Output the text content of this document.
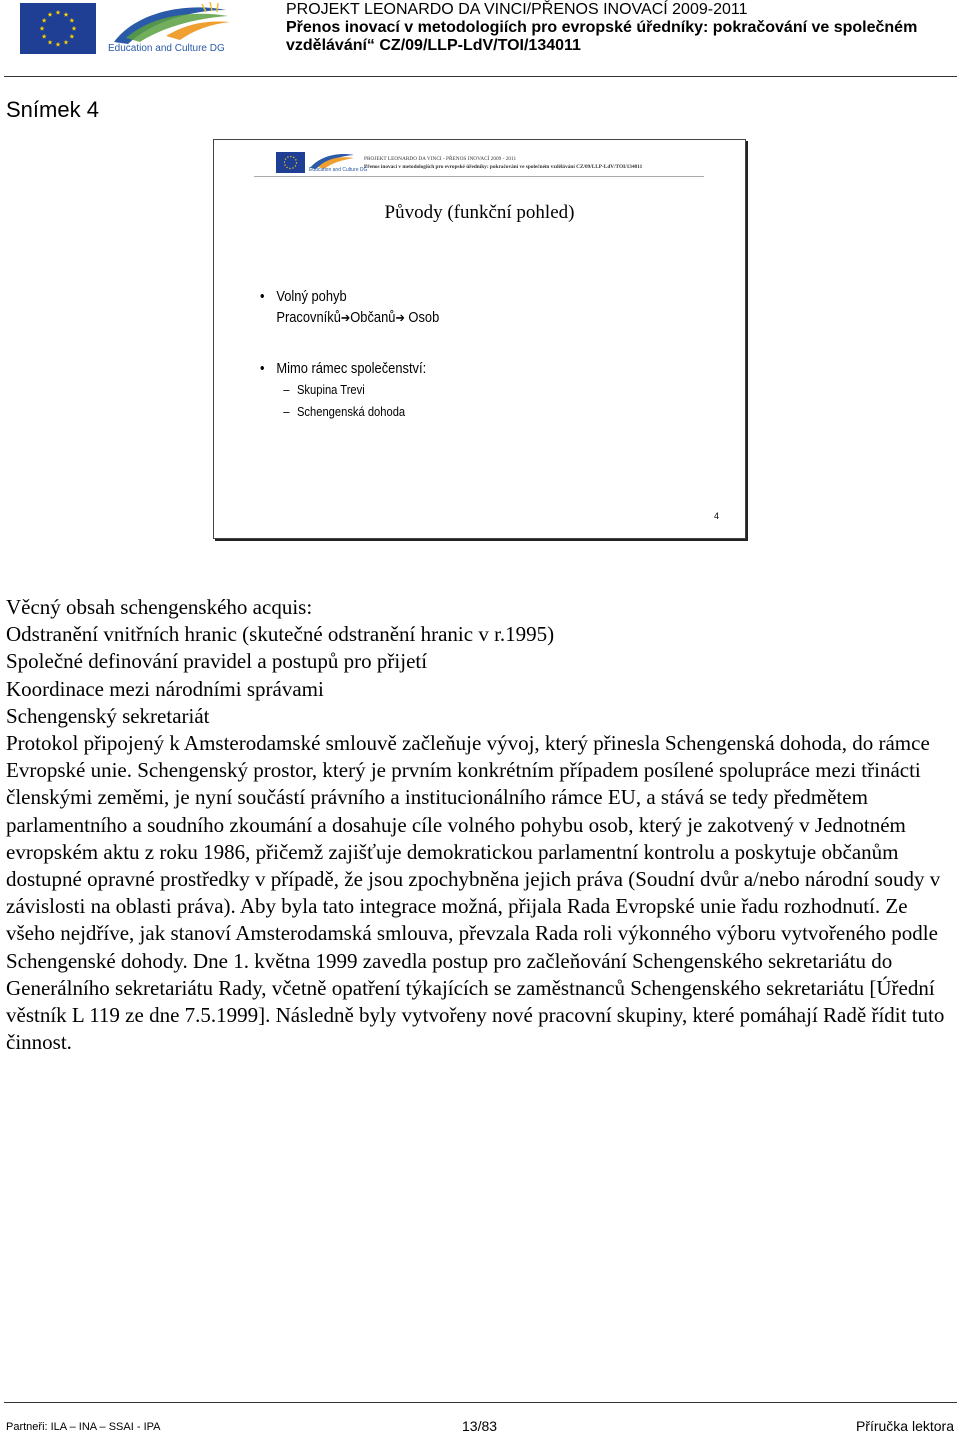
Education and Culture DG
PROJEKT LEONARDO DA VINCI/PŘENOS INOVACÍ 2009-2011
Přenos inovací v metodologiích pro evropské úředníky: pokračování ve společném
vzdělávání“ CZ/09/LLP-LdV/TOI/134011
Snímek 4
Education and Culture DG
PROJEKT LEONARDO DA VINCI - PŘENOS INOVACÍ 2009 - 2011
Přenos inovací v metodologiích pro evropské úředníky: pokračování ve společném vzdělávání CZ/09/LLP-LdV/TOI/134011
Původy (funkční pohled)
• Volný pohyb
Pracovníků➔Občanů➔ Osob
• Mimo rámec společenství:
– Skupina Trevi
– Schengenská dohoda
4

Věcný obsah schengenského acquis:

Odstranění vnitřních hranic (skutečné odstranění hranic v r.1995)

Společné definování pravidel a postupů pro přijetí

Koordinace mezi národními správami

Schengenský sekretariát

Protokol připojený k Amsterodamské smlouvě začleňuje vývoj, který přinesla Schengenská dohoda, do rámce Evropské unie. Schengenský prostor, který je prvním konkrétním případem posílené spolupráce mezi třinácti členskými zeměmi, je nyní součástí právního a institucionálního rámce EU, a stává se tedy předmětem parlamentního a soudního zkoumání a dosahuje cíle volného pohybu osob, který je zakotvený v Jednotném evropském aktu z roku 1986, přičemž zajišťuje demokratickou parlamentní kontrolu a poskytuje občanům dostupné opravné prostředky v případě, že jsou zpochybněna jejich práva (Soudní dvůr a/nebo národní soudy v závislosti na oblasti práva). Aby byla tato integrace možná, přijala Rada Evropské unie řadu rozhodnutí. Ze všeho nejdříve, jak stanoví Amsterodamská smlouva, převzala Rada roli výkonného výboru vytvořeného podle Schengenské dohody. Dne 1. května 1999 zavedla postup pro začleňování Schengenského sekretariátu do Generálního sekretariátu Rady, včetně opatření týkajících se zaměstnanců Schengenského sekretariátu [Úřední věstník L 119 ze dne 7.5.1999]. Následně byly vytvořeny nové pracovní skupiny, které pomáhají Radě řídit tuto činnost.

Partneři: ILA – INA – SSAI - IPA	13/83	Příručka lektora
